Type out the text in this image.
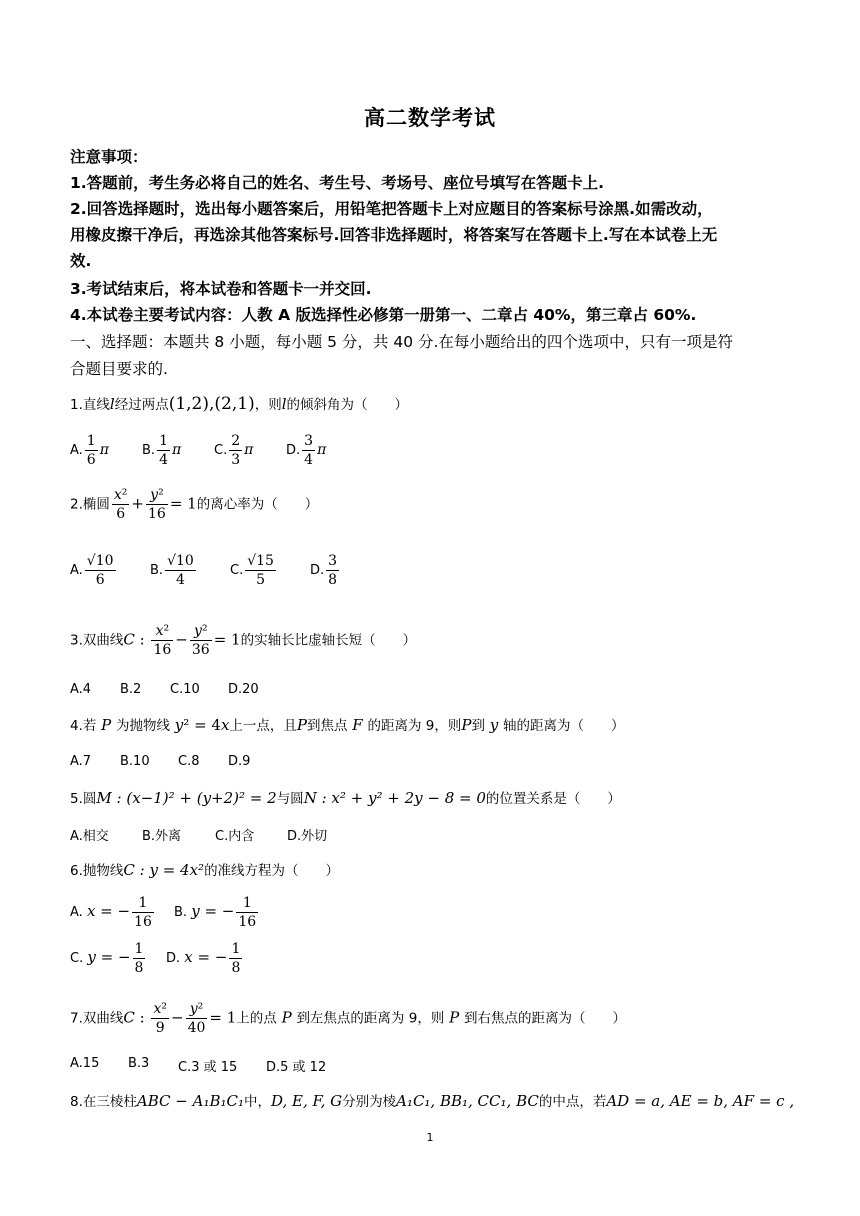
高二数学考试
注意事项：
1.答题前，考生务必将自己的姓名、考生号、考场号、座位号填写在答题卡上.
2.回答选择题时，选出每小题答案后，用铅笔把答题卡上对应题目的答案标号涂黑.如需改动，
用橡皮擦干净后，再选涂其他答案标号.回答非选择题时，将答案写在答题卡上.写在本试卷上无
效.
3.考试结束后，将本试卷和答题卡一并交回.
4.本试卷主要考试内容：人教 A 版选择性必修第一册第一、二章占 40%，第三章占 60%.
一、选择题：本题共 8 小题，每小题 5 分，共 40 分.在每小题给出的四个选项中，只有一项是符
合题目要求的.
1.直线l经过两点(1,2),(2,1)，则l的倾斜角为（　　）
A. $\frac{1}{6}$ π	B. $\frac{1}{4}$ π	C. $\frac{2}{3}$ π	D. $\frac{3}{4}$ π
2.椭圆 $\frac{\text{x²}}{6} + \frac{\text{y²}}{16} = 1$的离心率为（　　）
A. $\frac{√10}{6}$	B. $\frac{√10}{4}$	C. $\frac{√15}{5}$	D. $\frac{3}{8}$
3.双曲线C : $\frac{\text{x²}}{16} - \frac{\text{y²}}{36} = 1$的实轴长比虚轴长短（　　）
A.4 B.2 C.10 D.20
4.若 P 为抛物线 y² = 4x上一点，且P到焦点 F 的距离为 9，则P到 y 轴的距离为（　　）
A.7 B.10 C.8 D.9
5.圆M : (x−1)² + (y+2)² = 2与圆N : x² + y² + 2y − 8 = 0的位置关系是（　　）
A.相交	B.外离	C.内含	D.外切
6.抛物线C : y = 4x²的准线方程为（　　）
A. x = − $\frac{1}{16} B$. y = − $\frac{1}{16}$
C. y = − $\frac{1}{8} D$. x = − $\frac{1}{8}$
7.双曲线C : $\frac{\text{x²}}{9} - \frac{\text{y²}}{40} = 1$上的点 P 到左焦点的距离为 9，则 P 到右焦点的距离为（　　）
A.15 B.3 C.3 或 15 D.5 或 12
8.在三棱柱ABC − A₁B₁C₁中，D, E, F, G分别为棱A₁C₁, BB₁, CC₁, BC的中点，若AD = a, AE = b, AF = c ,
1
